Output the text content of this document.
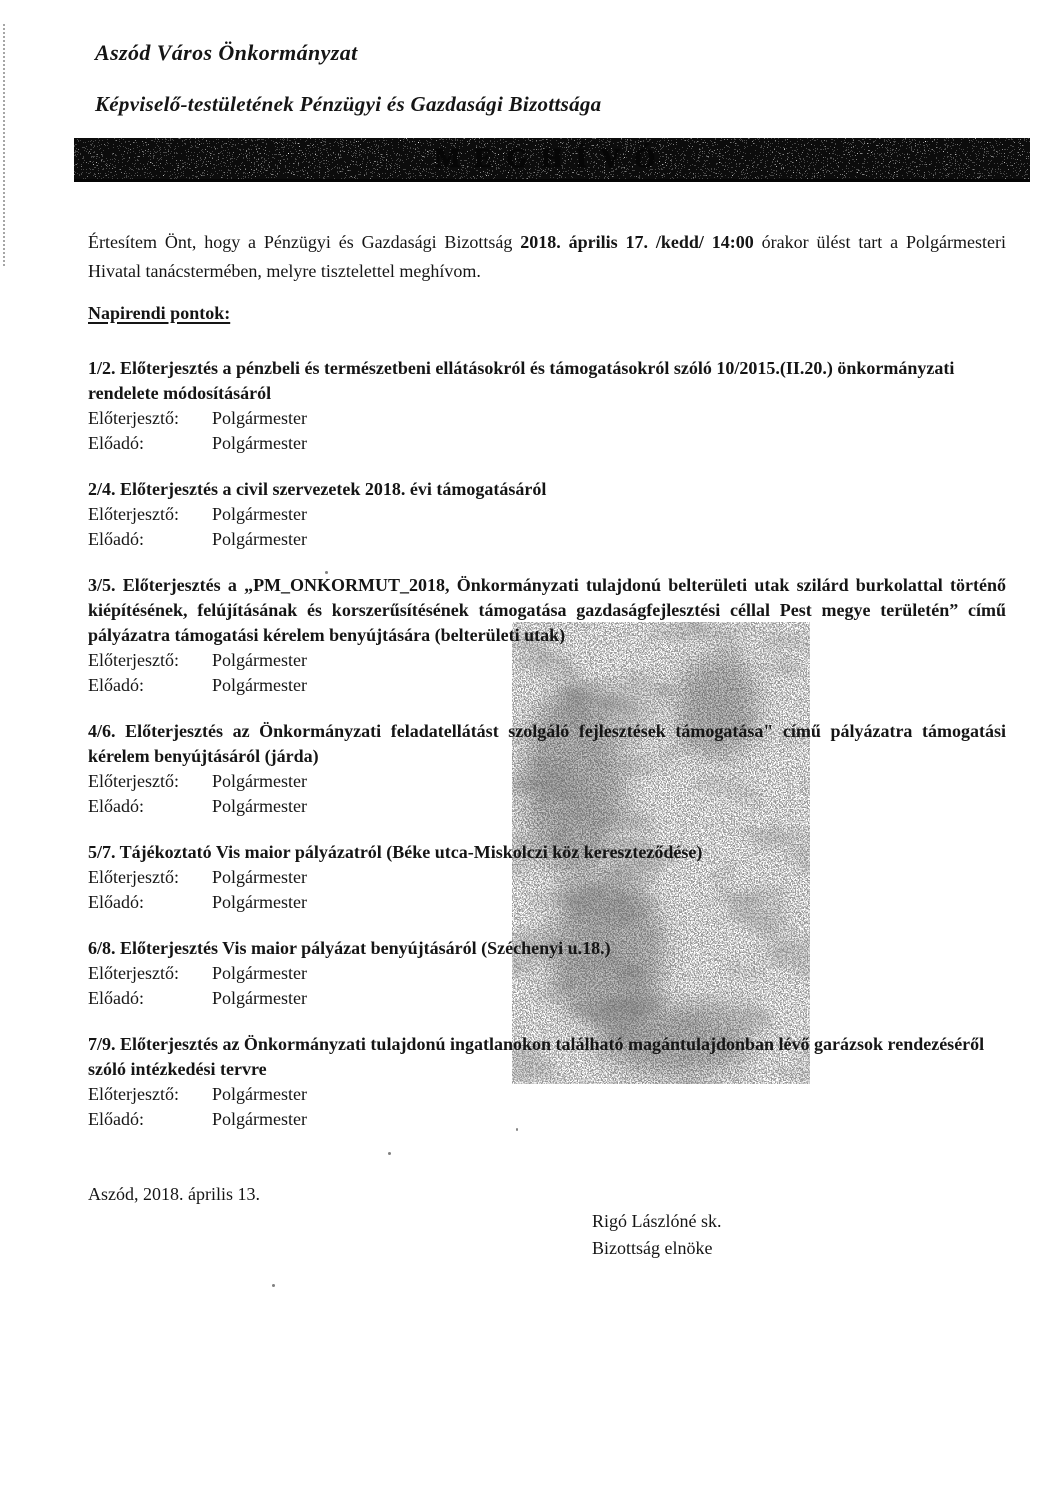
Aszód Város Önkormányzat
Képviselő-testületének Pénzügyi és Gazdasági Bizottsága
MEGHÍVÓ

Értesítem Önt, hogy a Pénzügyi és Gazdasági Bizottság 2018. április 17. /kedd/ 14:00 órakor ülést tart a Polgármesteri Hivatal tanácstermében, melyre tisztelettel meghívom.

Napirendi pontok:
1/2. Előterjesztés a pénzbeli és természetbeni ellátásokról és támogatásokról szóló 10/2015.(II.20.) önkormányzati rendelete módosításáról
Előterjesztő:	Polgármester
Előadó:	Polgármester
2/4. Előterjesztés a civil szervezetek 2018. évi támogatásáról
Előterjesztő:	Polgármester
Előadó:	Polgármester
3/5. Előterjesztés a „PM_ONKORMUT_2018, Önkormányzati tulajdonú belterületi utak szilárd burkolattal történő kiépítésének, felújításának és korszerűsítésének támogatása gazdaságfejlesztési céllal Pest megye területén” című pályázatra támogatási kérelem benyújtására (belterületi utak)
Előterjesztő:	Polgármester
Előadó:	Polgármester
4/6. Előterjesztés az Önkormányzati feladatellátást szolgáló fejlesztések támogatása" című pályázatra támogatási kérelem benyújtásáról (járda)
Előterjesztő:	Polgármester
Előadó:	Polgármester
5/7. Tájékoztató Vis maior pályázatról (Béke utca-Miskolczi köz kereszteződése)
Előterjesztő:	Polgármester
Előadó:	Polgármester
6/8. Előterjesztés Vis maior pályázat benyújtásáról (Széchenyi u.18.)
Előterjesztő:	Polgármester
Előadó:	Polgármester
7/9. Előterjesztés az Önkormányzati tulajdonú ingatlanokon található magántulajdonban lévő garázsok rendezéséről szóló intézkedési tervre
Előterjesztő:	Polgármester
Előadó:	Polgármester
Aszód, 2018. április 13.
Rigó Lászlóné sk.
Bizottság elnöke
